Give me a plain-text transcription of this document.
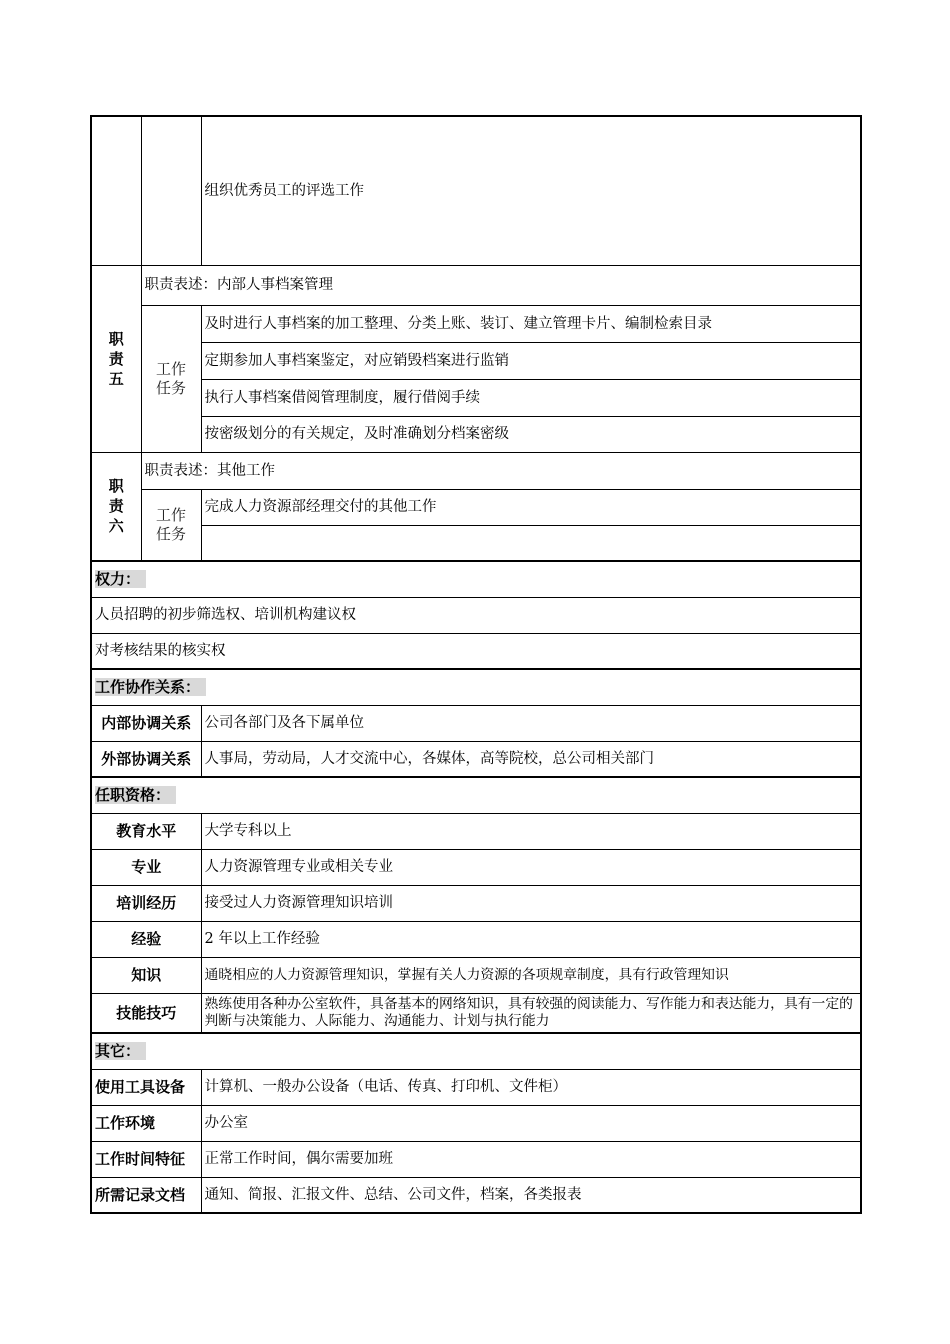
		组织优秀员工的评选工作
职
责
五	职责表述：内部人事档案管理	
	工作
任务	及时进行人事档案的加工整理、分类上账、装订、建立管理卡片、编制检索目录
		定期参加人事档案鉴定，对应销毁档案进行监销
		执行人事档案借阅管理制度，履行借阅手续
		按密级划分的有关规定，及时准确划分档案密级
职
责
六	职责表述：其他工作	
	工作
任务	完成人力资源部经理交付的其他工作

权力：		
人员招聘的初步筛选权、培训机构建议权		
对考核结果的核实权		
工作协作关系：		
内部协调关系		公司各部门及各下属单位
外部协调关系		人事局，劳动局，人才交流中心，各媒体，高等院校，总公司相关部门
任职资格：		
教育水平		大学专科以上
专业		人力资源管理专业或相关专业
培训经历		接受过人力资源管理知识培训
经验		2 年以上工作经验
知识		通晓相应的人力资源管理知识，掌握有关人力资源的各项规章制度，具有行政管理知识
技能技巧		熟练使用各种办公室软件，具备基本的网络知识，具有较强的阅读能力、写作能力和表达能力，具有一定的判断与决策能力、人际能力、沟通能力、计划与执行能力
其它：		
使用工具设备		计算机、一般办公设备（电话、传真、打印机、文件柜）
工作环境		办公室
工作时间特征		正常工作时间，偶尔需要加班
所需记录文档		通知、简报、汇报文件、总结、公司文件，档案，各类报表
